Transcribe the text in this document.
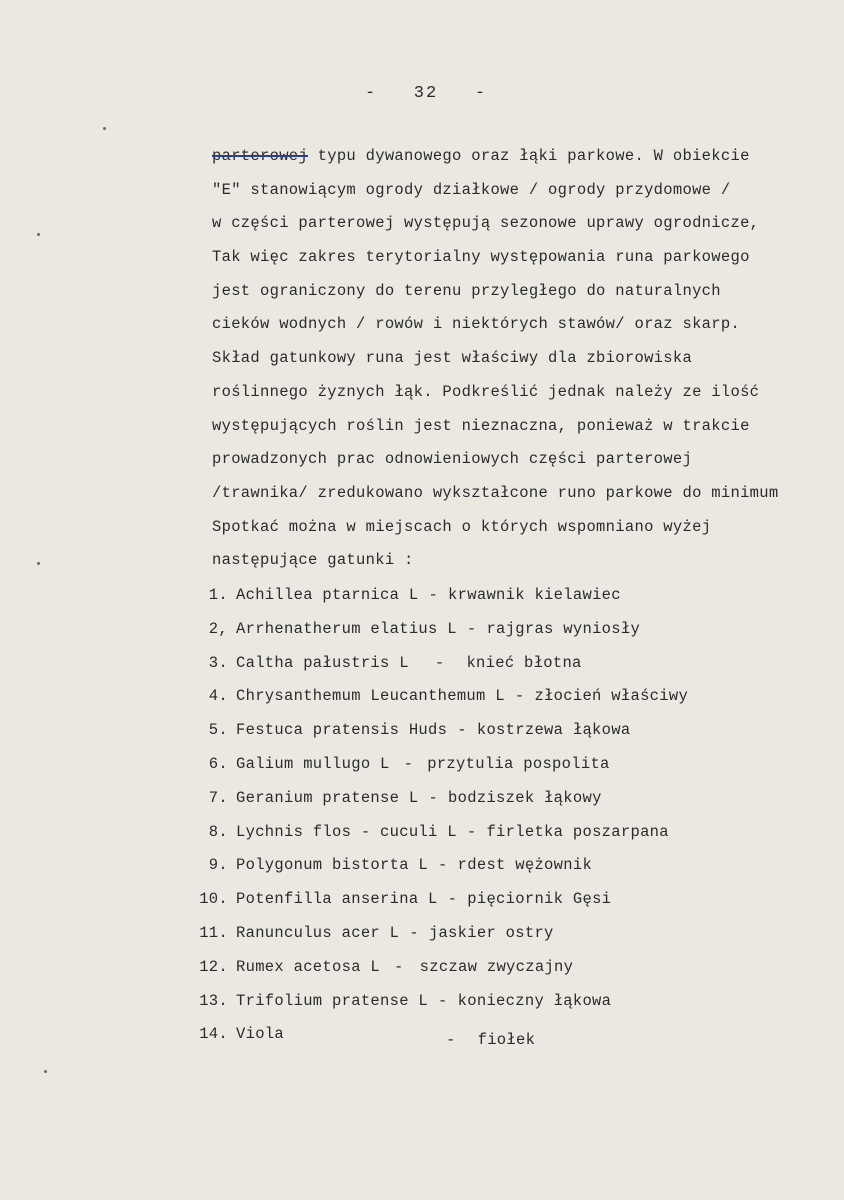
-   32   -
parterowej typu dywanowego oraz łąki parkowe. W obiekcie
"E" stanowiącym ogrody działkowe / ogrody przydomowe /
w części parterowej występują sezonowe uprawy ogrodnicze,
Tak więc zakres terytorialny występowania runa parkowego
jest ograniczony do terenu przyległego do naturalnych
cieków wodnych / rowów i niektórych stawów/ oraz skarp.
Skład gatunkowy runa jest właściwy dla zbiorowiska
roślinnego żyznych łąk. Podkreślić jednak należy ze ilość
występujących roślin jest nieznaczna, ponieważ w trakcie
prowadzonych prac odnowieniowych części parterowej
/trawnika/ zredukowano wykształcone runo parkowe do minimum
Spotkać można w miejscach o których wspomniano wyżej
następujące gatunki :
1. Achillea ptarnica L - krwawnik kielawiec
2, Arrhenatherum elatius L - rajgras wyniosły
3. Caltha pałustris L - knieć błotna
4. Chrysanthemum Leucanthemum L - złocień właściwy
5. Festuca pratensis Huds - kostrzewa łąkowa
6. Galium mullugo L - przytulia pospolita
7. Geranium pratense L - bodziszek łąkowy
8. Lychnis flos - cuculi L - firletka poszarpana
9. Polygonum bistorta L - rdest wężownik
10. Potenfilla anserina L - pięciornik Gęsi
11. Ranunculus acer L - jaskier ostry
12. Rumex acetosa L - szczaw zwyczajny
13. Trifolium pratense L - konieczny łąkowa
14. Viola	- fiołek
